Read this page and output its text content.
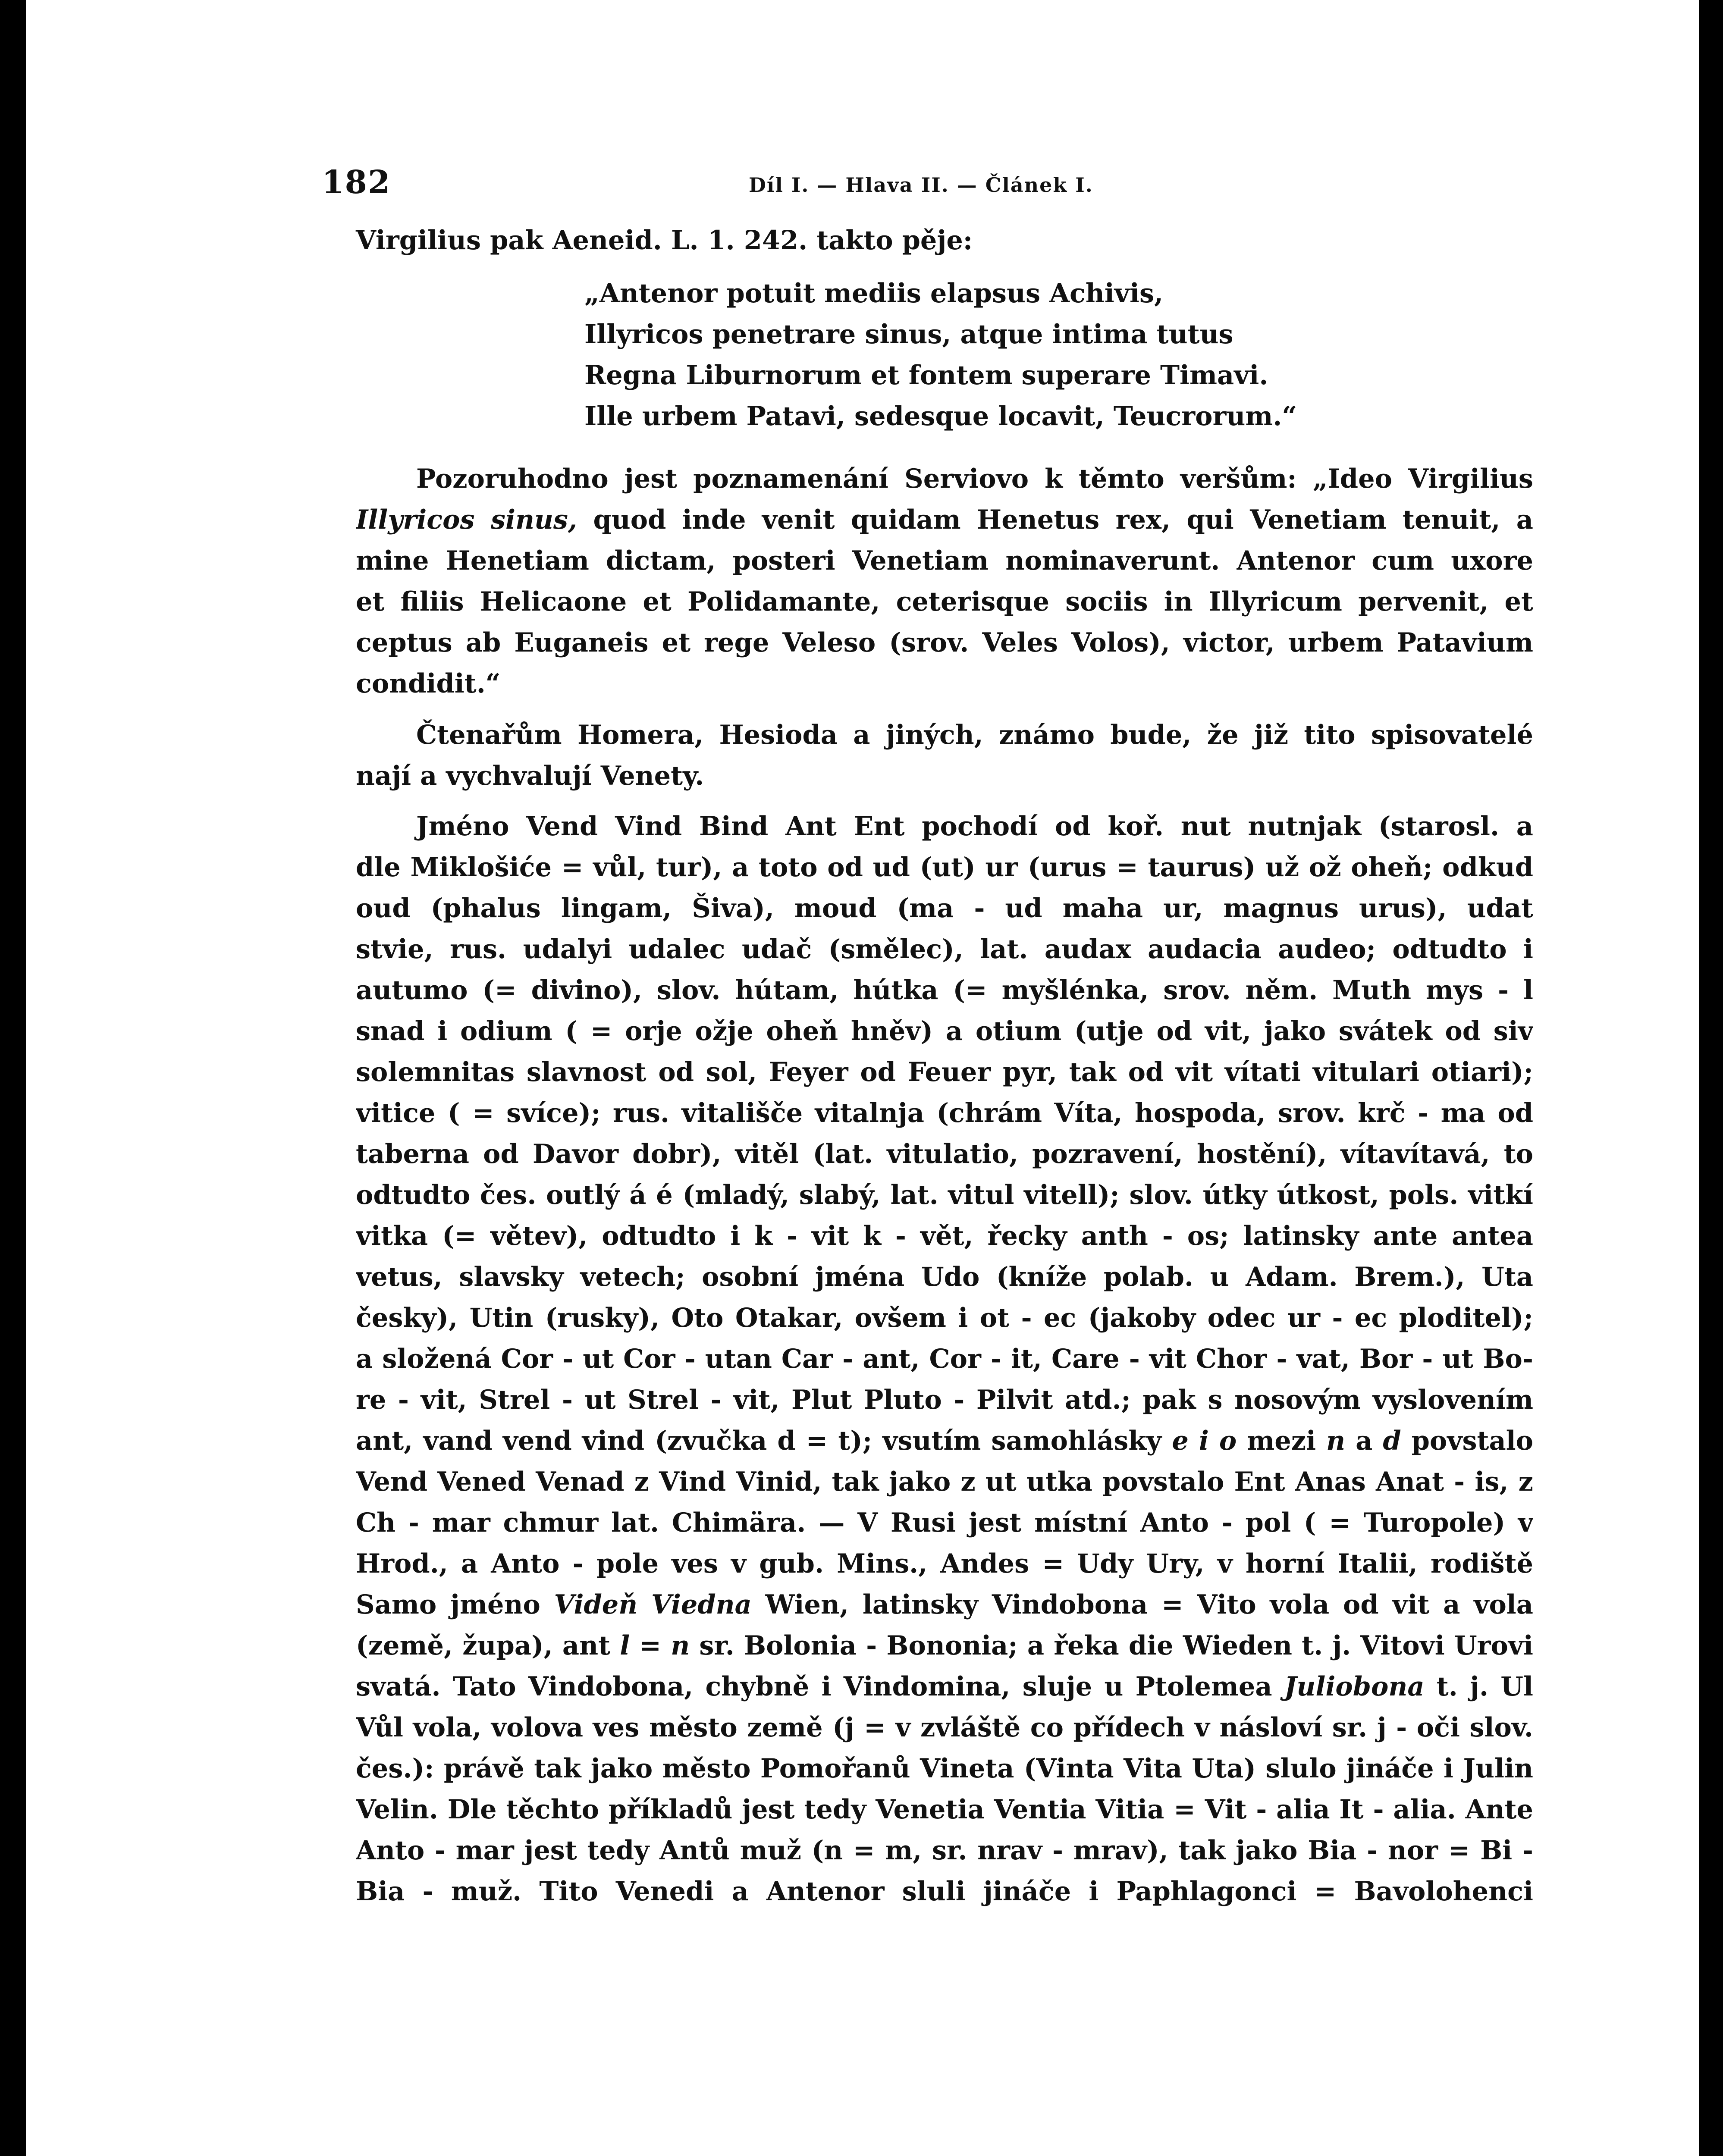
182	Díl I. — Hlava II. — Článek I.
Virgilius pak Aeneid. L. 1. 242. takto pěje:
„Antenor potuit mediis elapsus Achivis,
Illyricos penetrare sinus, atque intima tutus
Regna Liburnorum et fontem superare Timavi.
Ille urbem Patavi, sedesque locavit, Teucrorum.“
Pozoruhodno jest poznamenání Serviovo k těmto veršům: „Ideo Virgilius
Illyricos sinus, quod inde venit quidam Henetus rex, qui Venetiam tenuit, a
mine Henetiam dictam, posteri Venetiam nominaverunt. Antenor cum uxore
et filiis Helicaone et Polidamante, ceterisque sociis in Illyricum pervenit, et
ceptus ab Euganeis et rege Veleso (srov. Veles Volos), victor, urbem Patavium
condidit.“
Čtenařům Homera, Hesioda a jiných, známo bude, že již tito spisovatelé
nají a vychvalují Venety.
Jméno Vend Vind Bind Ant Ent pochodí od koř. nut nutnjak (starosl. a
dle Miklošiće = vůl, tur), a toto od ud (ut) ur (urus = taurus) už ož oheň; odkud
oud (phalus lingam, Šiva), moud (ma - ud maha ur, magnus urus), udat
stvie, rus. udalyi udalec udač (smělec), lat. audax audacia audeo; odtudto i
autumo (= divino), slov. hútam, hútka (= myšlénka, srov. něm. Muth mys - l
snad i odium ( = orje ožje oheň hněv) a otium (utje od vit, jako svátek od siv
solemnitas slavnost od sol, Feyer od Feuer pyr, tak od vit vítati vitulari otiari);
vitice ( = svíce); rus. vitališče vitalnja (chrám Víta, hospoda, srov. krč - ma od
taberna od Davor dobr), vitěl (lat. vitulatio, pozravení, hostění), vítavítavá, to
odtudto čes. outlý á é (mladý, slabý, lat. vitul vitell); slov. útky útkost, pols. vitkí
vitka (= větev), odtudto i k - vit k - vět, řecky anth - os; latinsky ante antea
vetus, slavsky vetech; osobní jména Udo (kníže polab. u Adam. Brem.), Uta
česky), Utin (rusky), Oto Otakar, ovšem i ot - ec (jakoby odec ur - ec ploditel);
a složená Cor - ut Cor - utan Car - ant, Cor - it, Care - vit Chor - vat, Bor - ut Bo-
re - vit, Strel - ut Strel - vit, Plut Pluto - Pilvit atd.; pak s nosovým vyslovením
ant, vand vend vind (zvučka d = t); vsutím samohlásky e i o mezi n a d povstalo
Vend Vened Venad z Vind Vinid, tak jako z ut utka povstalo Ent Anas Anat - is, z
Ch - mar chmur lat. Chimära. — V Rusi jest místní Anto - pol ( = Turopole) v
Hrod., a Anto - pole ves v gub. Mins., Andes = Udy Ury, v horní Italii, rodiště
Samo jméno Videň Viedna Wien, latinsky Vindobona = Vito vola od vit a vola
(země, župa), ant l = n sr. Bolonia - Bononia; a řeka die Wieden t. j. Vitovi Urovi
svatá. Tato Vindobona, chybně i Vindomina, sluje u Ptolemea Juliobona t. j. Ul
Vůl vola, volova ves město země (j = v zvláště co přídech v násloví sr. j - oči slov.
čes.): právě tak jako město Pomořanů Vineta (Vinta Vita Uta) slulo jináče i Julin
Velin. Dle těchto příkladů jest tedy Venetia Ventia Vitia = Vit - alia It - alia. Ante
Anto - mar jest tedy Antů muž (n = m, sr. nrav - mrav), tak jako Bia - nor = Bi -
Bia - muž. Tito Venedi a Antenor sluli jináče i Paphlagonci = Bavolohenci
